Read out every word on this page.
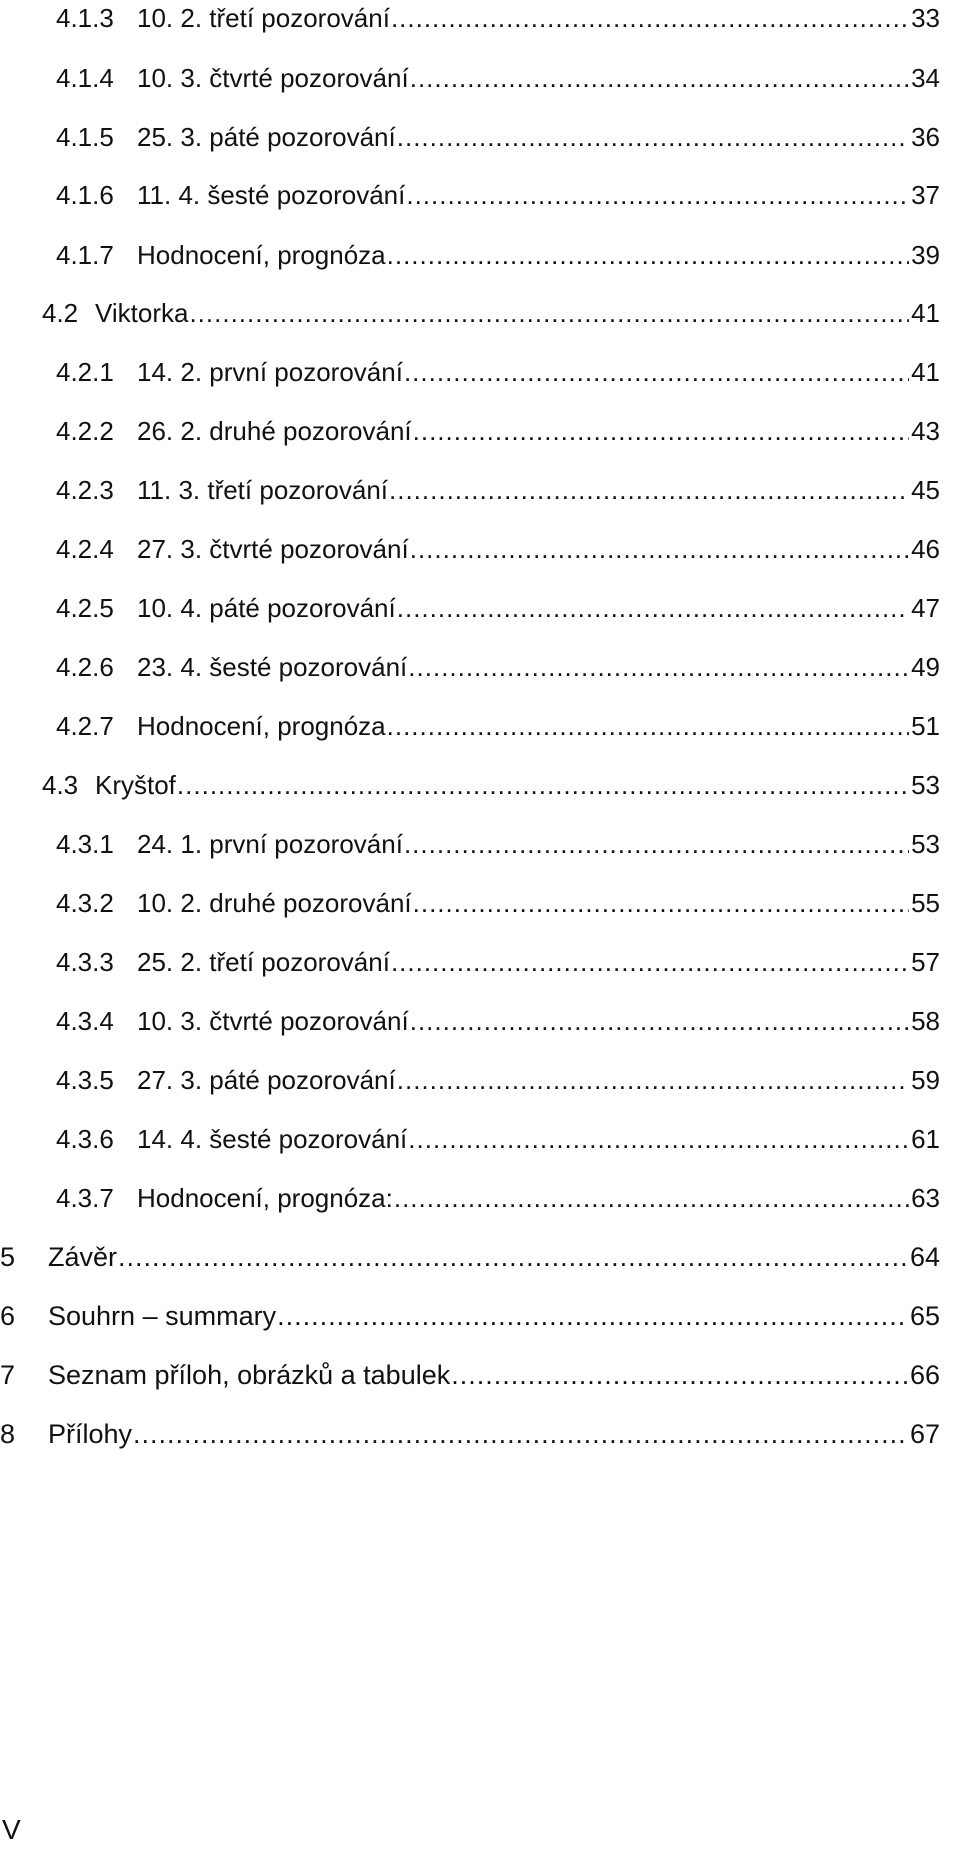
4.1.3 10. 2. třetí pozorování .....	33
4.1.4 10. 3. čtvrté pozorování .....	34
4.1.5 25. 3. páté pozorování .....	36
4.1.6 11. 4. šesté pozorování .....	37
4.1.7 Hodnocení, prognóza .....	39
4.2 Viktorka .....	41
4.2.1 14. 2. první pozorování .....	41
4.2.2 26. 2. druhé pozorování .....	43
4.2.3 11. 3. třetí pozorování .....	45
4.2.4 27. 3. čtvrté pozorování .....	46
4.2.5 10. 4. páté pozorování .....	47
4.2.6 23. 4. šesté pozorování .....	49
4.2.7 Hodnocení, prognóza .....	51
4.3 Kryštof .....	53
4.3.1 24. 1. první pozorování .....	53
4.3.2 10. 2. druhé pozorování .....	55
4.3.3 25. 2. třetí pozorování .....	57
4.3.4 10. 3. čtvrté pozorování .....	58
4.3.5 27. 3. páté pozorování .....	59
4.3.6 14. 4. šesté pozorování .....	61
4.3.7 Hodnocení, prognóza: .....	63
5	Závěr .....	64
6	Souhrn – summary .....	65
7	Seznam příloh, obrázků a tabulek .....	66
8	Přílohy .....	67
V
